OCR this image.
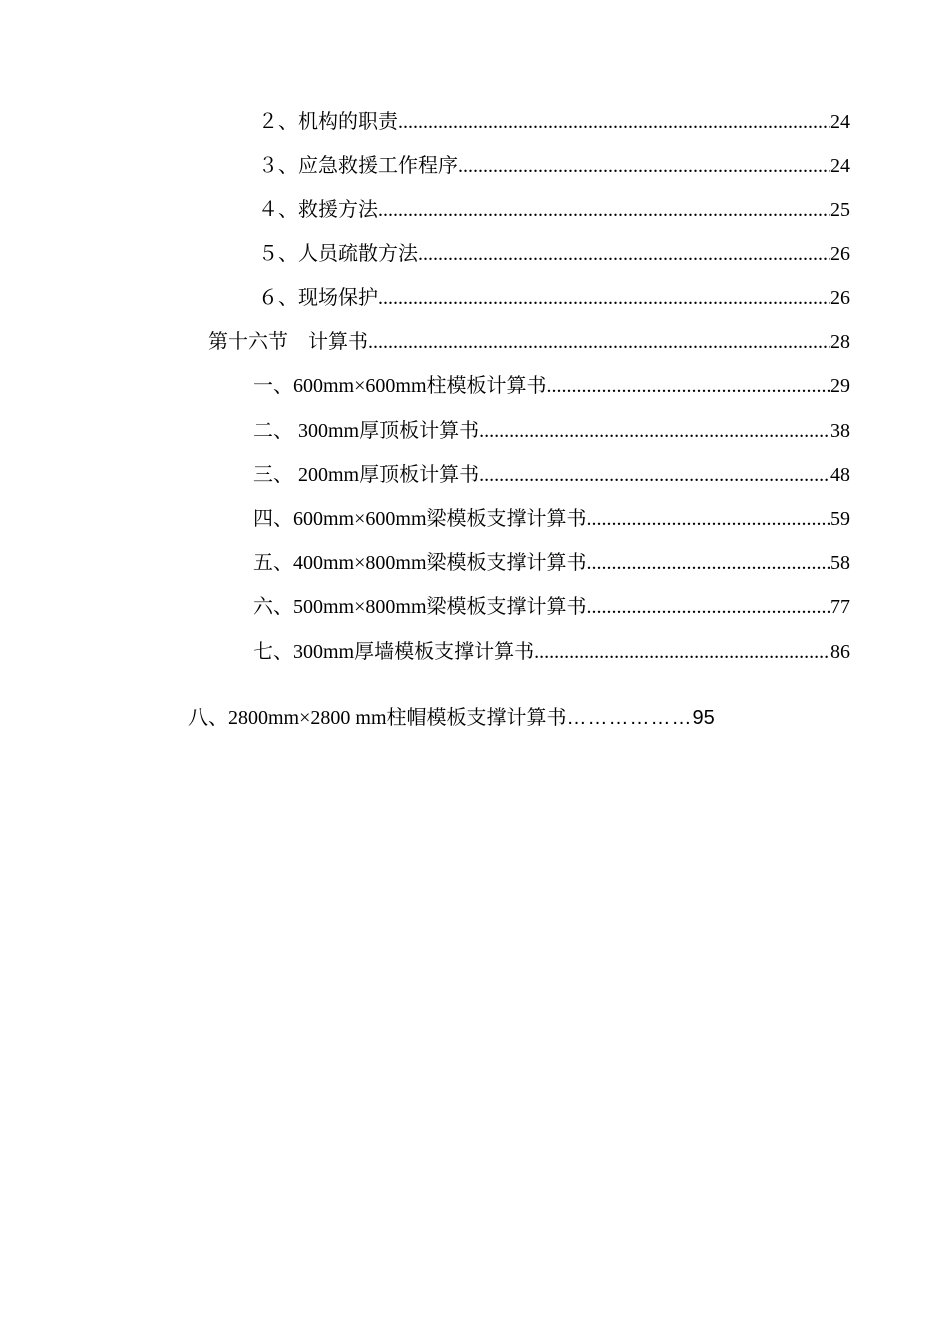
２、机构的职责 .....	24
３、应急救援工作程序 .....	24
４、救援方法 .....	25
５、人员疏散方法 .....	26
６、现场保护 .....	26
第十六节　计算书 .....	28
一、600mm×600mm柱模板计算书 .....	29
二、 300mm厚顶板计算书 .....	38
三、 200mm厚顶板计算书 .....	48
四、600mm×600mm梁模板支撑计算书 .....	59
五、400mm×800mm梁模板支撑计算书 .....	58
六、500mm×800mm梁模板支撑计算书 .....	77
七、300mm厚墙模板支撑计算书 .....	86
八、2800mm×2800 mm柱帽模板支撑计算书 ……………… 95
